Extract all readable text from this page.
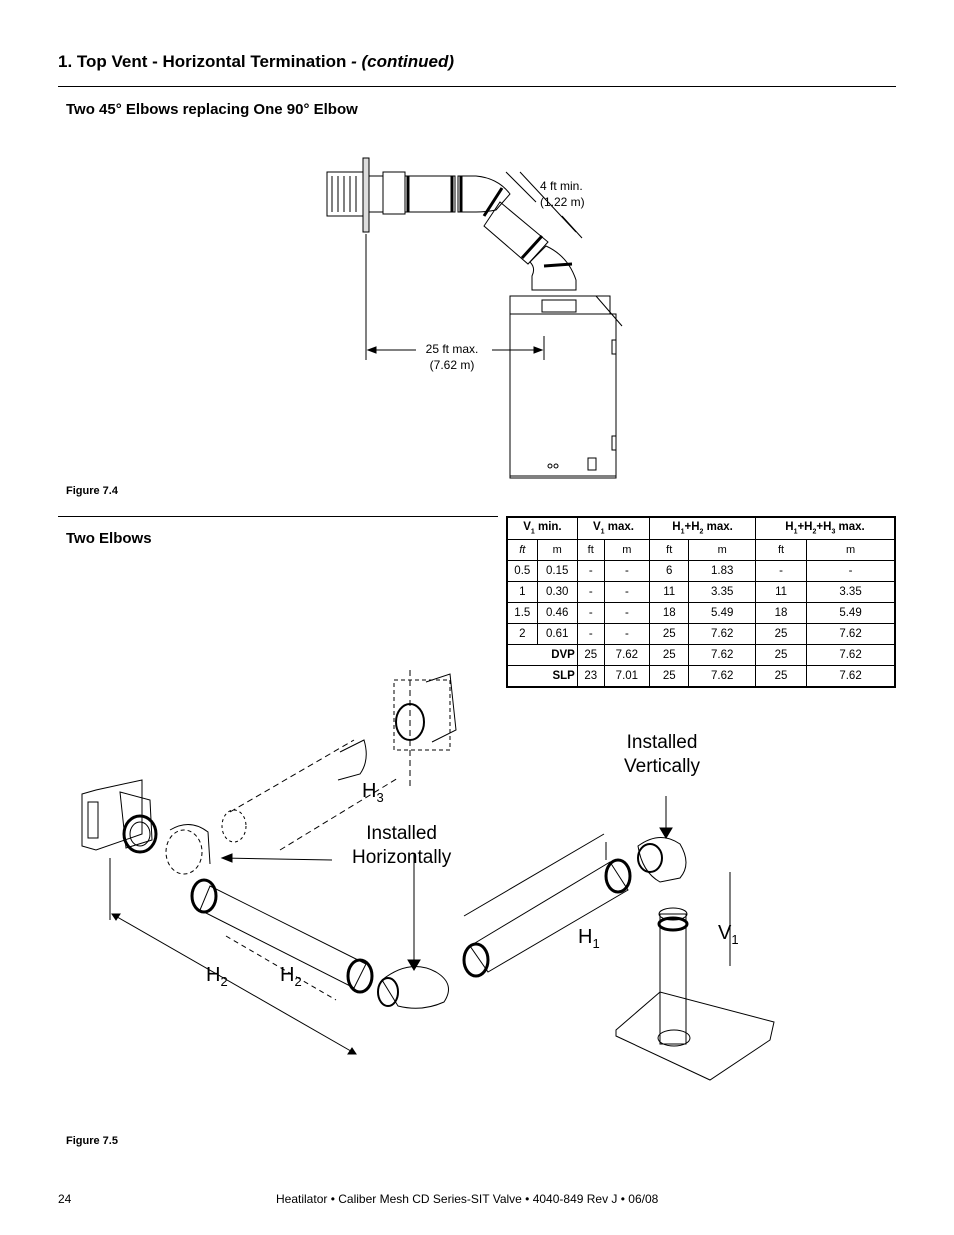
1. Top Vent - Horizontal Termination - (continued)
Two 45° Elbows replacing One 90° Elbow
4 ft min.
(1.22 m)
25 ft max.
(7.62 m)
Figure 7.4
Two Elbows
$V_1$ min.		$V_1$ max.		$H_1+H_2$ max.		$H_1+H_2+H_3$ max.	
ft	m	ft	m	ft	m	ft	m
0.5	0.15	-	-	6	1.83	-	-
1	0.30	-	-	11	3.35	11	3.35
1.5	0.46	-	-	18	5.49	18	5.49
2	0.61	-	-	25	7.62	25	7.62
DVP		25	7.62	25	7.62	25	7.62
SLP		23	7.01	25	7.62	25	7.62
Installed
Vertically
Installed
Horizontally
$H_3$
$H_1$	$V_1$
$H_2$	$H_2$
Figure 7.5
24	Heatilator • Caliber Mesh CD Series-SIT Valve • 4040-849 Rev J • 06/08
